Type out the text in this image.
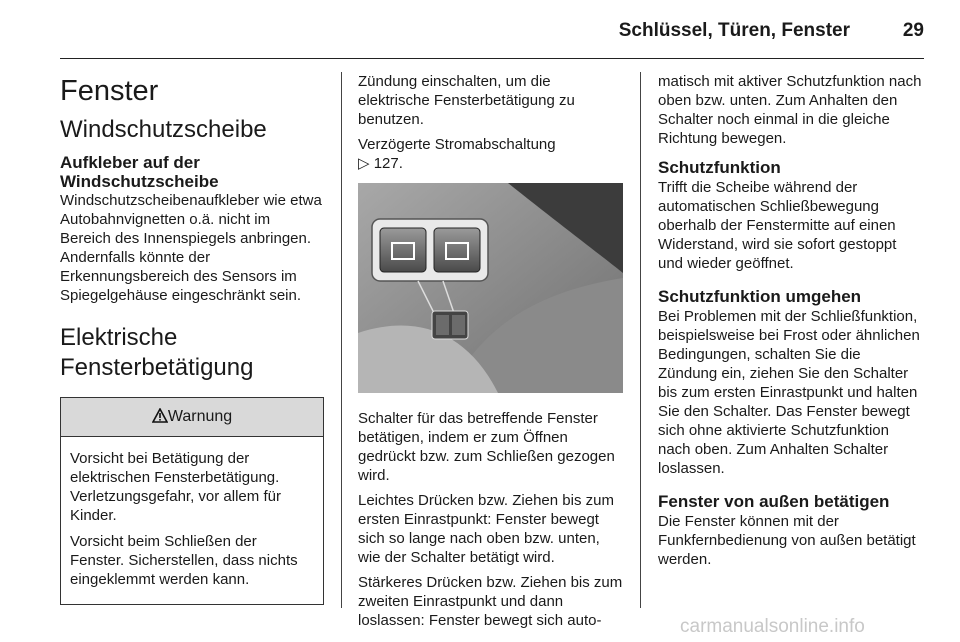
Schlüssel, Türen, Fenster	29
Fenster
Windschutzscheibe
Aufkleber auf der Windschutzscheibe

Windschutzscheibenaufkleber wie etwa Autobahnvignetten o.ä. nicht im Bereich des Innenspiegels anbringen. Andernfalls könnte der Erkennungsbereich des Sensors im Spiegelgehäuse eingeschränkt sein.

Elektrische Fensterbetätigung
Warnung

Vorsicht bei Betätigung der elektrischen Fensterbetätigung. Verletzungsgefahr, vor allem für Kinder.

Vorsicht beim Schließen der Fenster. Sicherstellen, dass nichts eingeklemmt werden kann.

Zündung einschalten, um die elektrische Fensterbetätigung zu benutzen.

Verzögerte Stromabschaltung
▷ 127.

Schalter für das betreffende Fenster betätigen, indem er zum Öffnen gedrückt bzw. zum Schließen gezogen wird.

Leichtes Drücken bzw. Ziehen bis zum ersten Einrastpunkt: Fenster bewegt sich so lange nach oben bzw. unten, wie der Schalter betätigt wird.

Stärkeres Drücken bzw. Ziehen bis zum zweiten Einrastpunkt und dann loslassen: Fenster bewegt sich auto-

matisch mit aktiver Schutzfunktion nach oben bzw. unten. Zum Anhalten den Schalter noch einmal in die gleiche Richtung bewegen.

Schutzfunktion

Trifft die Scheibe während der automatischen Schließbewegung oberhalb der Fenstermitte auf einen Widerstand, wird sie sofort gestoppt und wieder geöffnet.

Schutzfunktion umgehen

Bei Problemen mit der Schließfunktion, beispielsweise bei Frost oder ähnlichen Bedingungen, schalten Sie die Zündung ein, ziehen Sie den Schalter bis zum ersten Einrastpunkt und halten Sie den Schalter. Das Fenster bewegt sich ohne aktivierte Schutzfunktion nach oben. Zum Anhalten Schalter loslassen.

Fenster von außen betätigen

Die Fenster können mit der Funkfernbedienung von außen betätigt werden.

carmanualsonline.info
